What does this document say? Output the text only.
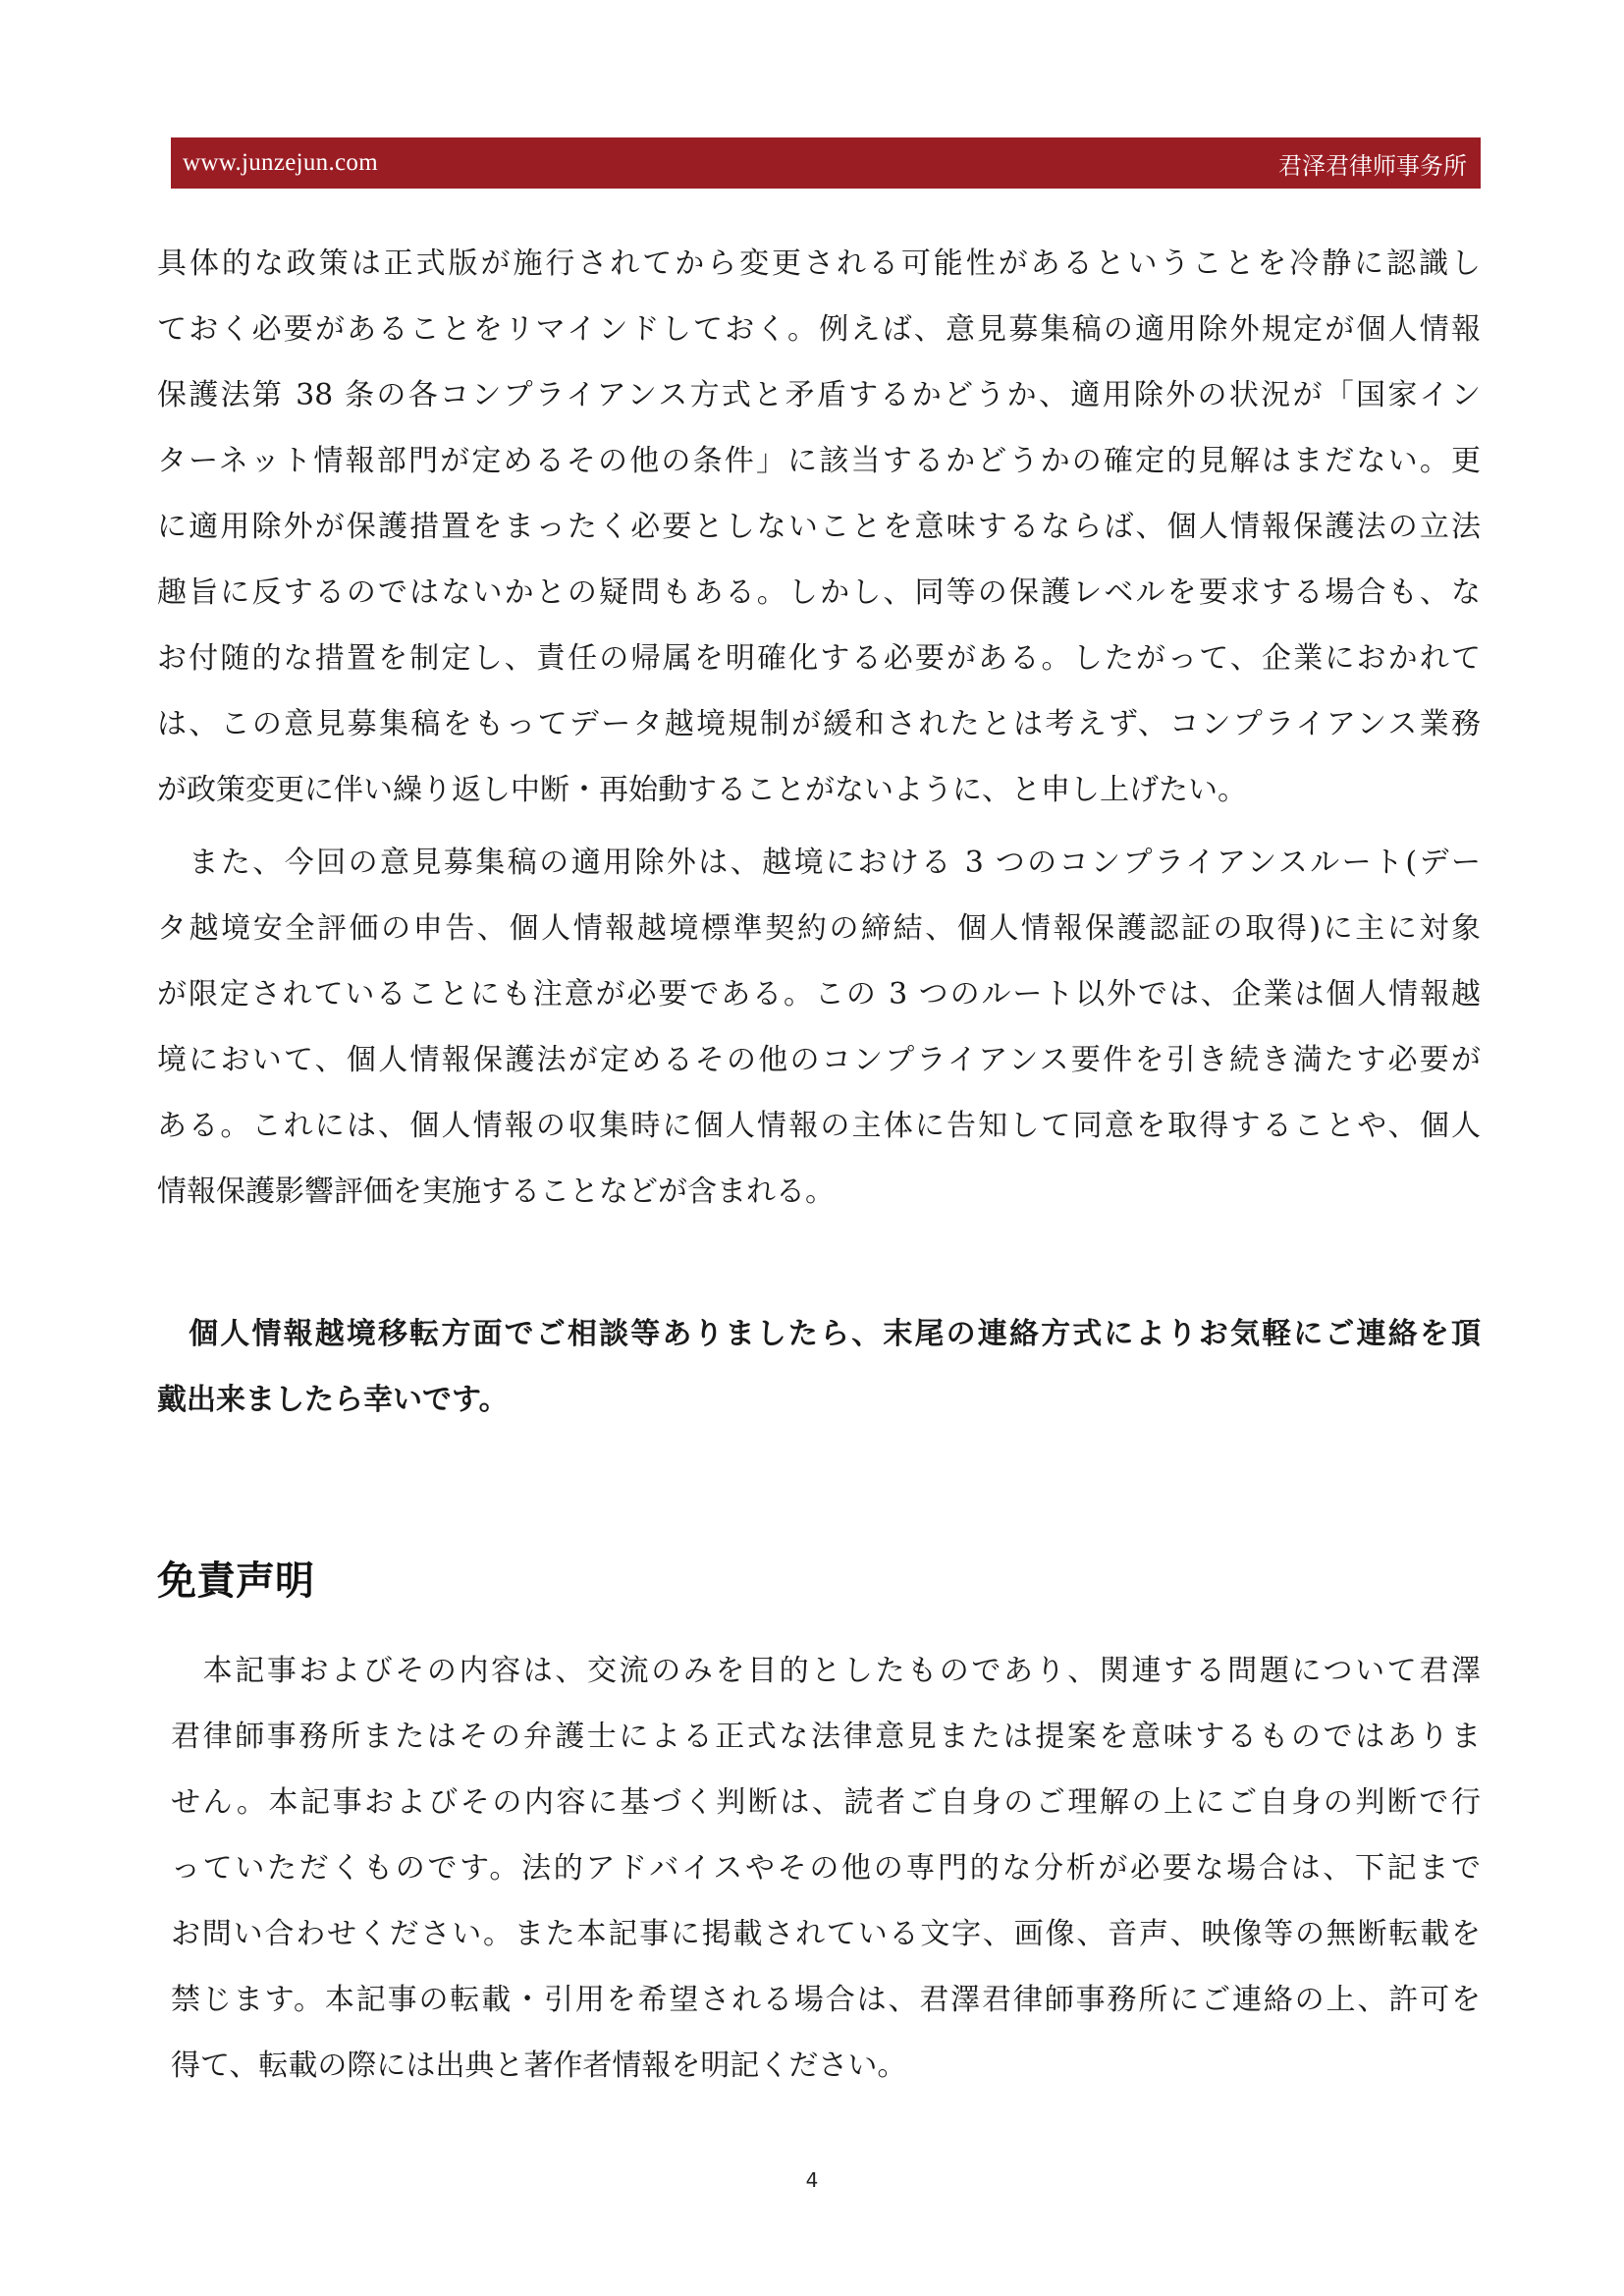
www.junzejun.com	君泽君律师事务所
具体的な政策は正式版が施行されてから変更される可能性があるということを冷静に認識し
ておく必要があることをリマインドしておく。例えば、意見募集稿の適用除外規定が個人情報
保護法第 38 条の各コンプライアンス方式と矛盾するかどうか、適用除外の状況が「国家イン
ターネット情報部門が定めるその他の条件」に該当するかどうかの確定的見解はまだない。更
に適用除外が保護措置をまったく必要としないことを意味するならば、個人情報保護法の立法
趣旨に反するのではないかとの疑問もある。しかし、同等の保護レベルを要求する場合も、な
お付随的な措置を制定し、責任の帰属を明確化する必要がある。したがって、企業におかれて
は、この意見募集稿をもってデータ越境規制が緩和されたとは考えず、コンプライアンス業務
が政策変更に伴い繰り返し中断・再始動することがないように、と申し上げたい。
　また、今回の意見募集稿の適用除外は、越境における 3 つのコンプライアンスルート(デー
タ越境安全評価の申告、個人情報越境標準契約の締結、個人情報保護認証の取得)に主に対象
が限定されていることにも注意が必要である。この 3 つのルート以外では、企業は個人情報越
境において、個人情報保護法が定めるその他のコンプライアンス要件を引き続き満たす必要が
ある。これには、個人情報の収集時に個人情報の主体に告知して同意を取得することや、個人
情報保護影響評価を実施することなどが含まれる。
　個人情報越境移転方面でご相談等ありましたら、末尾の連絡方式によりお気軽にご連絡を頂
戴出来ましたら幸いです。
免責声明
　本記事およびその内容は、交流のみを目的としたものであり、関連する問題について君澤
君律師事務所またはその弁護士による正式な法律意見または提案を意味するものではありま
せん。本記事およびその内容に基づく判断は、読者ご自身のご理解の上にご自身の判断で行
っていただくものです。法的アドバイスやその他の専門的な分析が必要な場合は、下記まで
お問い合わせください。また本記事に掲載されている文字、画像、音声、映像等の無断転載を
禁じます。本記事の転載・引用を希望される場合は、君澤君律師事務所にご連絡の上、許可を
得て、転載の際には出典と著作者情報を明記ください。
4
